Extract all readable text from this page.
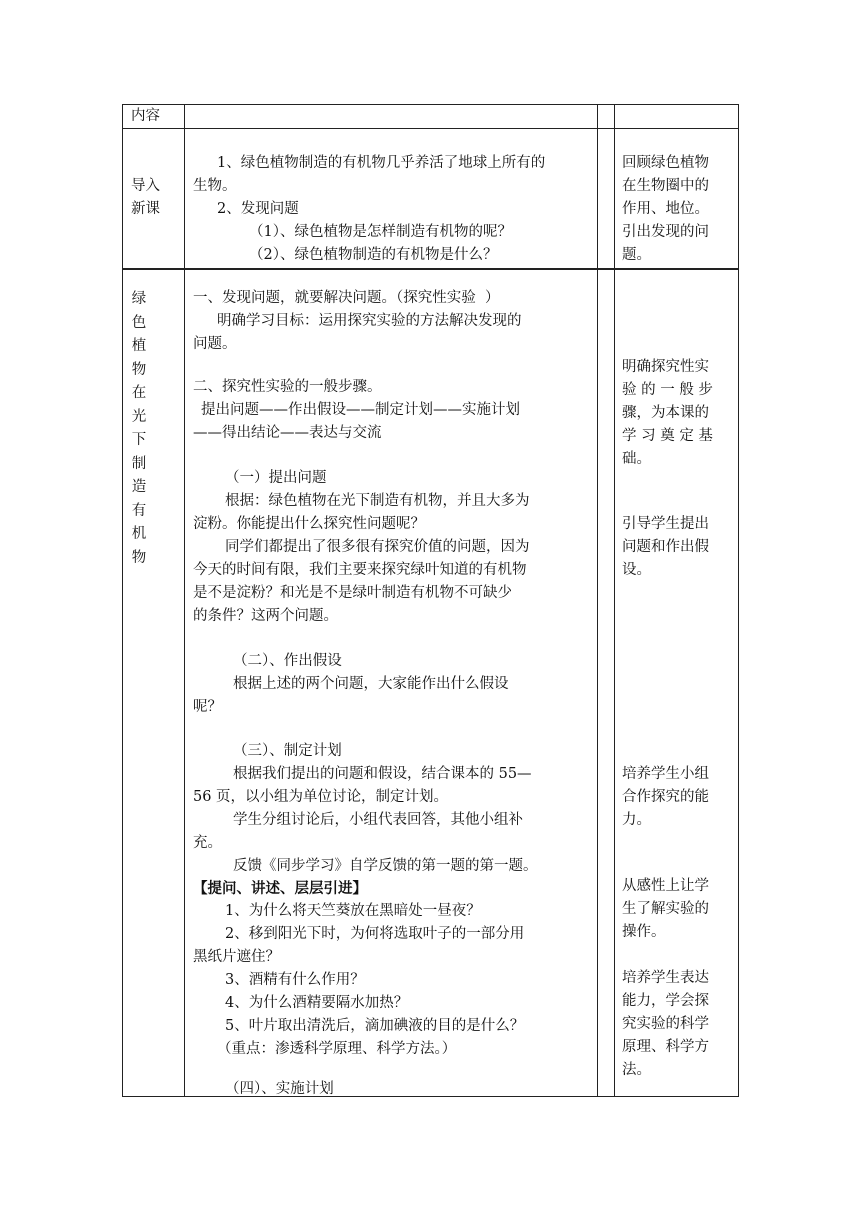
内容
导入
新课
1、绿色植物制造的有机物几乎养活了地球上所有的
生物。
2、发现问题
（1）、绿色植物是怎样制造有机物的呢？
（2）、绿色植物制造的有机物是什么？
回顾绿色植物
在生物圈中的
作用、地位。
引出发现的问
题。
绿
色
植
物
在
光
下
制
造
有
机
物
一、发现问题，就要解决问题。（探究性实验  ）
明确学习目标：运用探究实验的方法解决发现的
问题。
二、探究性实验的一般步骤。
提出问题——作出假设——制定计划——实施计划
——得出结论——表达与交流
（一）提出问题
根据：绿色植物在光下制造有机物，并且大多为
淀粉。你能提出什么探究性问题呢？
同学们都提出了很多很有探究价值的问题，因为
今天的时间有限，我们主要来探究绿叶知道的有机物
是不是淀粉？和光是不是绿叶制造有机物不可缺少
的条件？这两个问题。
（二）、作出假设
根据上述的两个问题，大家能作出什么假设
呢？
（三）、制定计划
根据我们提出的问题和假设，结合课本的 55—
56 页，以小组为单位讨论，制定计划。
学生分组讨论后，小组代表回答，其他小组补
充。
反馈《同步学习》自学反馈的第一题的第一题。
【提问、讲述、层层引进】
1、为什么将天竺葵放在黑暗处一昼夜？
2、移到阳光下时，为何将选取叶子的一部分用
黑纸片遮住？
3、酒精有什么作用？
4、为什么酒精要隔水加热？
5、叶片取出清洗后，滴加碘液的目的是什么？
（重点：渗透科学原理、科学方法。）
（四）、实施计划
明确探究性实
验 的 一 般 步
骤，为本课的
学 习 奠 定 基
础。
引导学生提出
问题和作出假
设。
培养学生小组
合作探究的能
力。
从感性上让学
生了解实验的
操作。
培养学生表达
能力，学会探
究实验的科学
原理、科学方
法。
